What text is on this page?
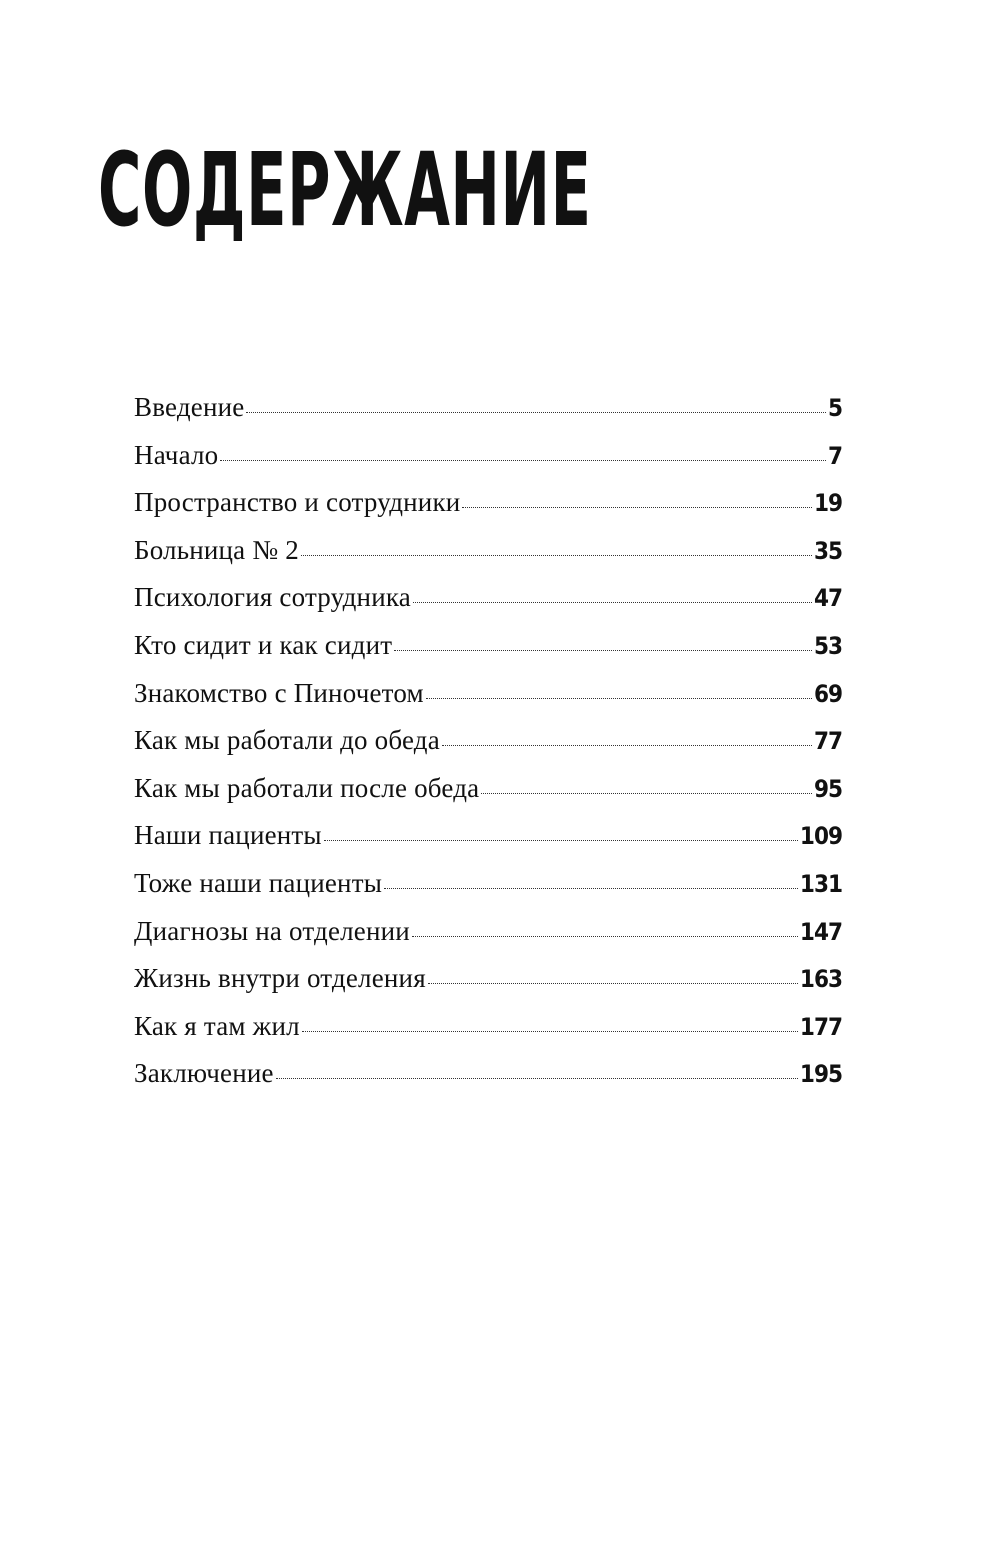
СОДЕРЖАНИЕ
Введение	5
Начало	7
Пространство и сотрудники	19
Больница № 2	35
Психология сотрудника	47
Кто сидит и как сидит	53
Знакомство с Пиночетом	69
Как мы работали до обеда	77
Как мы работали после обеда	95
Наши пациенты	109
Тоже наши пациенты	131
Диагнозы на отделении	147
Жизнь внутри отделения	163
Как я там жил	177
Заключение	195
